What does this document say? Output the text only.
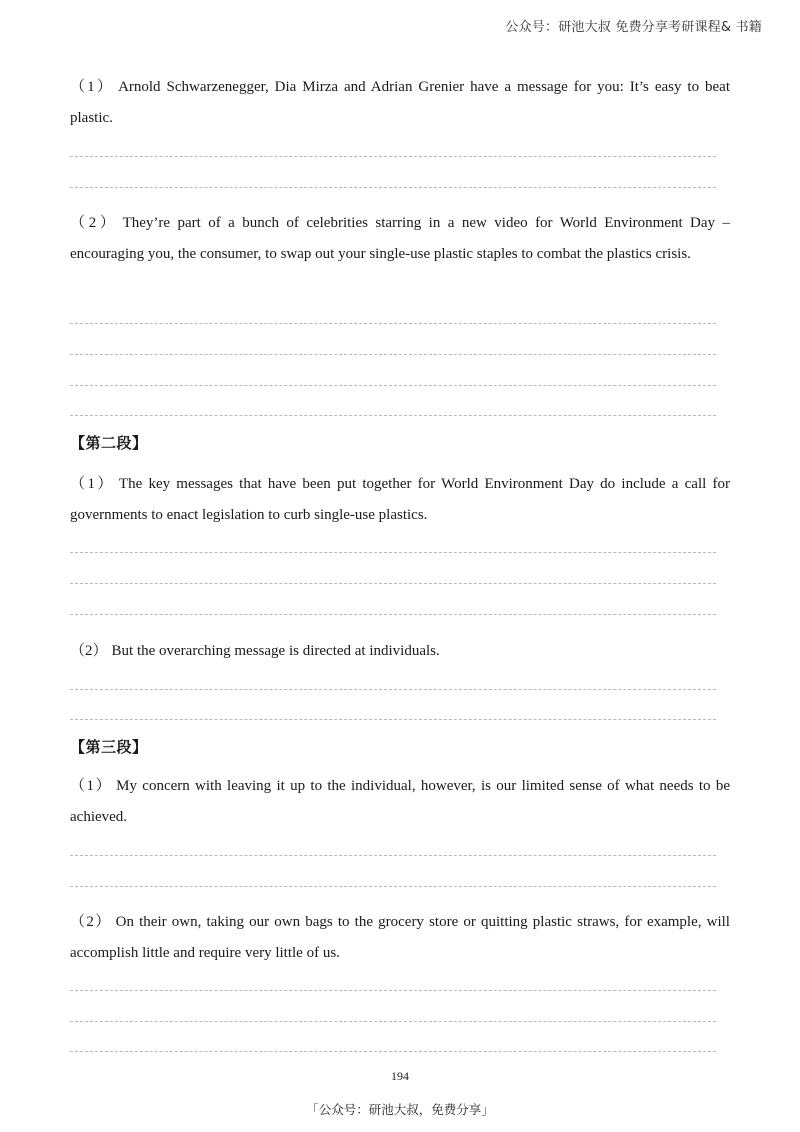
公众号：研池大叔 免费分享考研课程& 书籍

（1） Arnold Schwarzenegger, Dia Mirza and Adrian Grenier have a message for you: It’s easy to beat plastic.

（2） They’re part of a bunch of celebrities starring in a new video for World Environment Day – encouraging you, the consumer, to swap out your single-use plastic staples to combat the plastics crisis.

【第二段】

（1） The key messages that have been put together for World Environment Day do include a call for governments to enact legislation to curb single-use plastics.

（2） But the overarching message is directed at individuals.

【第三段】

（1） My concern with leaving it up to the individual, however, is our limited sense of what needs to be achieved.

（2） On their own, taking our own bags to the grocery store or quitting plastic straws, for example, will accomplish little and require very little of us.

194
「公众号：研池大叔，免费分享」
